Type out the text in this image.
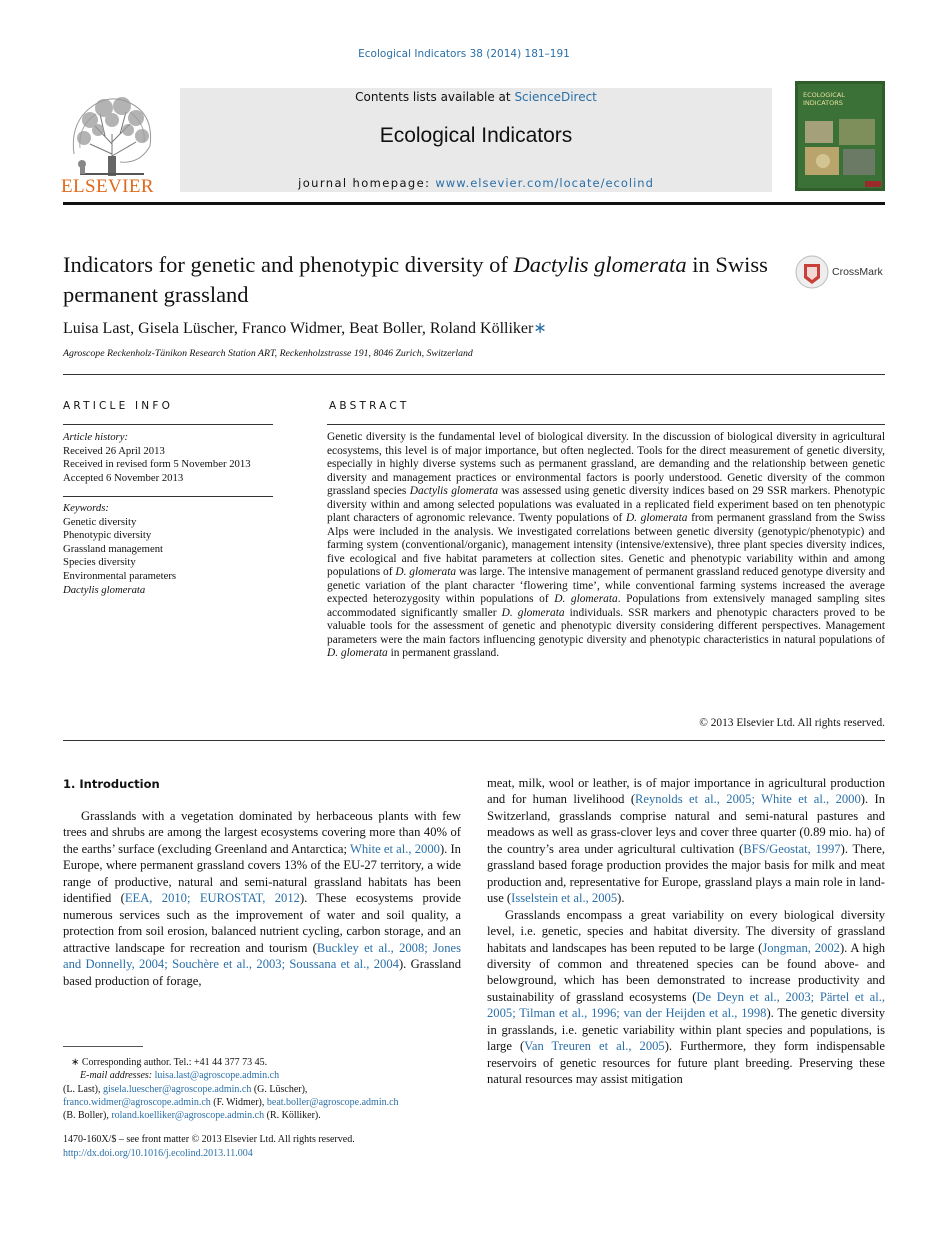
Ecological Indicators 38 (2014) 181–191
Contents lists available at ScienceDirect
Ecological Indicators
journal homepage: www.elsevier.com/locate/ecolind
ELSEVIER
ECOLOGICAL
INDICATORS
Indicators for genetic and phenotypic diversity of Dactylis glomerata in Swiss permanent grassland
CrossMark
Luisa Last, Gisela Lüscher, Franco Widmer, Beat Boller, Roland Kölliker∗
Agroscope Reckenholz-Tänikon Research Station ART, Reckenholzstrasse 191, 8046 Zurich, Switzerland
ARTICLE INFO
Article history:
Received 26 April 2013
Received in revised form 5 November 2013
Accepted 6 November 2013
Keywords:
Genetic diversity
Phenotypic diversity
Grassland management
Species diversity
Environmental parameters
Dactylis glomerata
ABSTRACT
Genetic diversity is the fundamental level of biological diversity. In the discussion of biological diversity in agricultural ecosystems, this level is of major importance, but often neglected. Tools for the direct measurement of genetic diversity, especially in highly diverse systems such as permanent grassland, are demanding and the relationship between genetic diversity and management practices or environmental factors is poorly understood. Genetic diversity of the common grassland species Dactylis glomerata was assessed using genetic diversity indices based on 29 SSR markers. Phenotypic diversity within and among selected populations was evaluated in a replicated field experiment based on ten phenotypic plant characters of agronomic relevance. Twenty populations of D. glomerata from permanent grassland from the Swiss Alps were included in the analysis. We investigated correlations between genetic diversity (genotypic/phenotypic) and farming system (conventional/organic), management intensity (intensive/extensive), three plant species diversity indices, five ecological and five habitat parameters at collection sites. Genetic and phenotypic variability within and among populations of D. glomerata was large. The intensive management of permanent grassland reduced genotype diversity and genetic variation of the plant character ‘flowering time’, while conventional farming systems increased the average expected heterozygosity within populations of D. glomerata. Populations from extensively managed sampling sites accommodated significantly smaller D. glomerata individuals. SSR markers and phenotypic characters proved to be valuable tools for the assessment of genetic and phenotypic diversity considering different perspectives. Management parameters were the main factors influencing genotypic diversity and phenotypic characteristics in natural populations of D. glomerata in permanent grassland.
© 2013 Elsevier Ltd. All rights reserved.
1. Introduction

Grasslands with a vegetation dominated by herbaceous plants with few trees and shrubs are among the largest ecosystems covering more than 40% of the earths’ surface (excluding Greenland and Antarctica; White et al., 2000). In Europe, where permanent grassland covers 13% of the EU-27 territory, a wide range of productive, natural and semi-natural grassland habitats has been identified (EEA, 2010; EUROSTAT, 2012). These ecosystems provide numerous services such as the improvement of water and soil quality, a protection from soil erosion, balanced nutrient cycling, carbon storage, and an attractive landscape for recreation and tourism (Buckley et al., 2008; Jones and Donnelly, 2004; Souchère et al., 2003; Soussana et al., 2004). Grassland based production of forage,

meat, milk, wool or leather, is of major importance in agricultural production and for human livelihood (Reynolds et al., 2005; White et al., 2000). In Switzerland, grasslands comprise natural and semi-natural pastures and meadows as well as grass-clover leys and cover three quarter (0.89 mio. ha) of the country’s area under agricultural cultivation (BFS/Geostat, 1997). There, grassland based forage production provides the major basis for milk and meat production and, representative for Europe, grassland plays a main role in land-use (Isselstein et al., 2005).

Grasslands encompass a great variability on every biological diversity level, i.e. genetic, species and habitat diversity. The diversity of grassland habitats and landscapes has been reputed to be large (Jongman, 2002). A high diversity of common and threatened species can be found above- and belowground, which has been demonstrated to increase productivity and sustainability of grassland ecosystems (De Deyn et al., 2003; Pärtel et al., 2005; Tilman et al., 1996; van der Heijden et al., 1998). The genetic diversity in grasslands, i.e. genetic variability within plant species and populations, is large (Van Treuren et al., 2005). Furthermore, they form indispensable reservoirs of genetic resources for future plant breeding. Preserving these natural resources may assist mitigation

∗ Corresponding author. Tel.: +41 44 377 73 45.
E-mail addresses: luisa.last@agroscope.admin.ch
(L. Last), gisela.luescher@agroscope.admin.ch (G. Lüscher),
franco.widmer@agroscope.admin.ch (F. Widmer), beat.boller@agroscope.admin.ch
(B. Boller), roland.koelliker@agroscope.admin.ch (R. Kölliker).
1470-160X/$ – see front matter © 2013 Elsevier Ltd. All rights reserved.
http://dx.doi.org/10.1016/j.ecolind.2013.11.004
